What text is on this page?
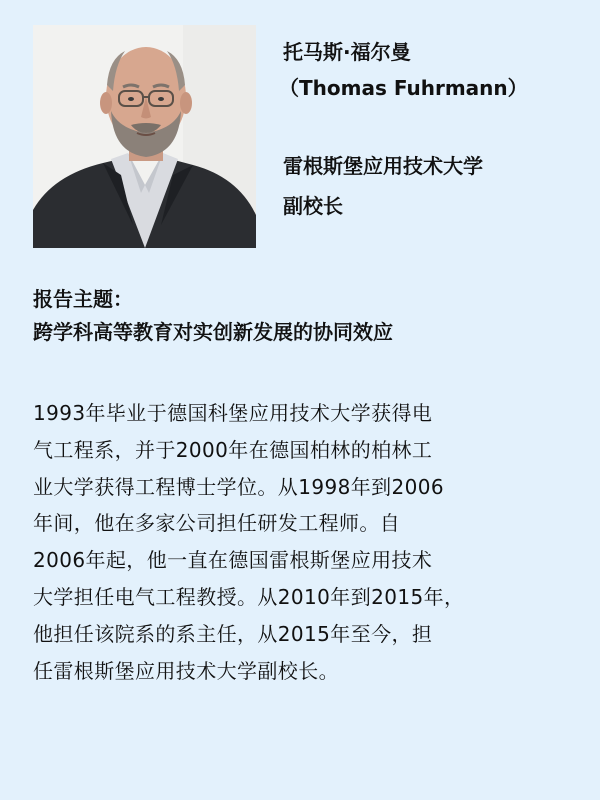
托马斯·福尔曼

（Thomas Fuhrmann）

雷根斯堡应用技术大学

副校长

报告主题：

跨学科高等教育对实创新发展的协同效应

1993年毕业于德国科堡应用技术大学获得电

气工程系，并于2000年在德国柏林的柏林工

业大学获得工程博士学位。从1998年到2006

年间，他在多家公司担任研发工程师。自

2006年起，他一直在德国雷根斯堡应用技术

大学担任电气工程教授。从2010年到2015年，

他担任该院系的系主任，从2015年至今，担

任雷根斯堡应用技术大学副校长。
